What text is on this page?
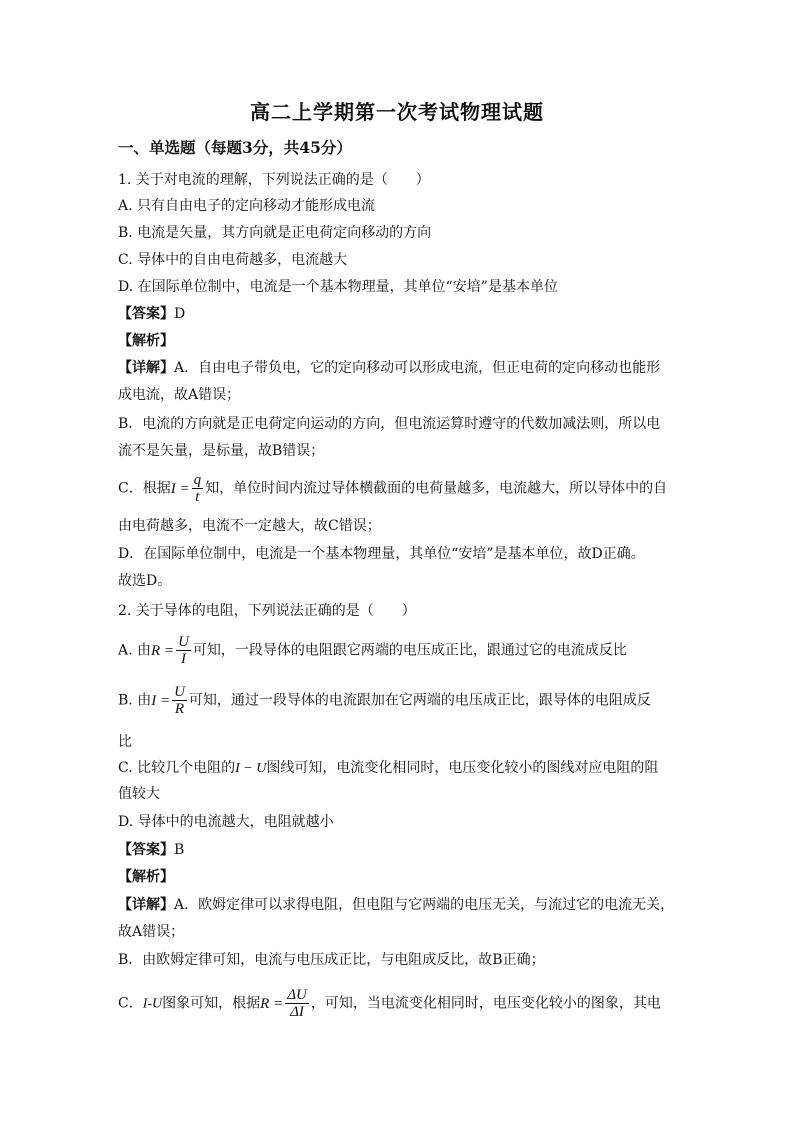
高二上学期第一次考试物理试题
一、单选题（每题3分，共45分）
1. 关于对电流的理解，下列说法正确的是（　　）
A. 只有自由电子的定向移动才能形成电流
B. 电流是矢量，其方向就是正电荷定向移动的方向
C. 导体中的自由电荷越多，电流越大
D. 在国际单位制中，电流是一个基本物理量，其单位“安培”是基本单位
【答案】D
【解析】
【详解】A．自由电子带负电，它的定向移动可以形成电流，但正电荷的定向移动也能形
成电流，故A错误；
B．电流的方向就是正电荷定向运动的方向，但电流运算时遵守的代数加减法则，所以电
流不是矢量，是标量，故B错误；
C．根据$I = \frac{q}{t}$ 知，单位时间内流过导体横截面的电荷量越多，电流越大，所以导体中的自
由电荷越多，电流不一定越大，故C错误；
D．在国际单位制中，电流是一个基本物理量，其单位“安培”是基本单位，故D正确。
故选D。
2. 关于导体的电阻，下列说法正确的是（　　）
A. 由$R = \frac{U}{I}$ 可知，一段导体的电阻跟它两端的电压成正比，跟通过它的电流成反比
B. 由$I = \frac{U}{R}$ 可知，通过一段导体的电流跟加在它两端的电压成正比，跟导体的电阻成反
比
C. 比较几个电阻的I − U图线可知，电流变化相同时，电压变化较小的图线对应电阻的阻
值较大
D. 导体中的电流越大，电阻就越小
【答案】B
【解析】
【详解】A．欧姆定律可以求得电阻，但电阻与它两端的电压无关，与流过它的电流无关，
故A错误；
B．由欧姆定律可知，电流与电压成正比，与电阻成反比，故B正确；
C．I-U图象可知，根据$R = \frac{\Delta U}{\Delta I}$ ，可知，当电流变化相同时，电压变化较小的图象，其电
